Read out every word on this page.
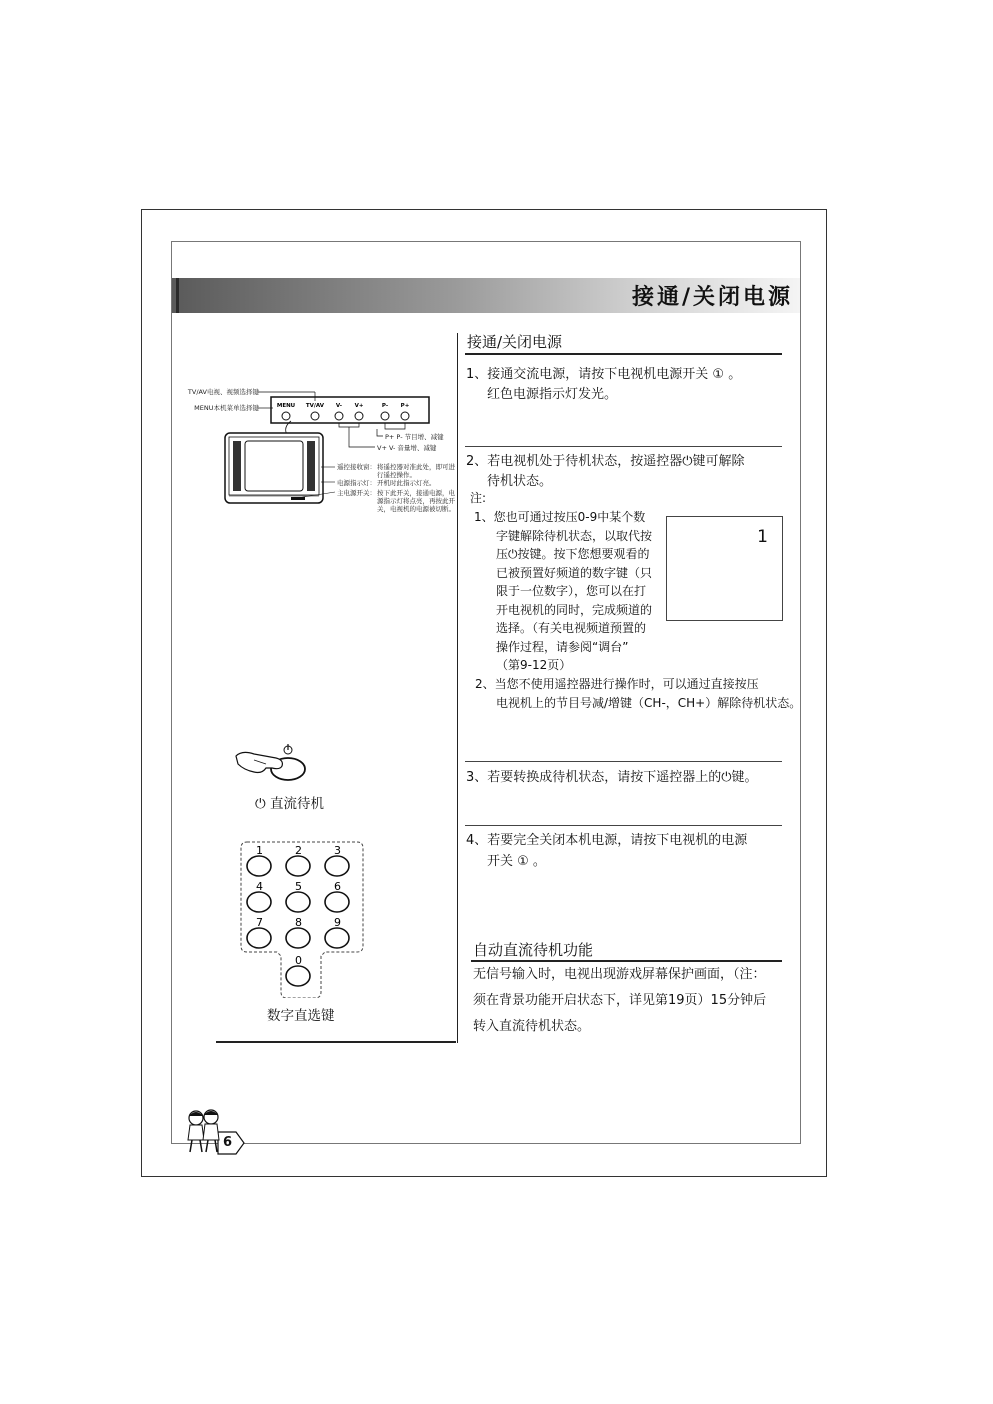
接通/关闭电源
MENU TV/AV V- V+	P- P+
TV/AV电视、视频选择键
MENU本机菜单选择键
P+ P- 节目增、减键
V+ V- 音量增、减键
遥控接收窗： 将遥控器对准此处，即可进行遥控操作。
电源指示灯： 开机时此指示灯亮。
主电源开关： 按下此开关，接通电源，电源指示灯将点亮，再按此开关，电视机的电源被切断。
⏻ 直流待机
1	2	3
4	5	6
7	8	9
0
数字直选键
接通/关闭电源
1、接通交流电源，请按下电视机电源开关 ① 。
红色电源指示灯发光。
2、若电视机处于待机状态，按遥控器⏻键可解除
待机状态。
注:
1、您也可通过按压0-9中某个数
字键解除待机状态，以取代按
压⏻按键。按下您想要观看的
已被预置好频道的数字键（只
限于一位数字），您可以在打
开电视机的同时，完成频道的
选择。（有关电视频道预置的
操作过程，请参阅“调台”
（第9-12页）
1
2、当您不使用遥控器进行操作时，可以通过直接按压
电视机上的节目号减/增键（CH-，CH+）解除待机状态。
3、若要转换成待机状态，请按下遥控器上的⏻键。
4、若要完全关闭本机电源，请按下电视机的电源
开关 ① 。
自动直流待机功能
无信号输入时，电视出现游戏屏幕保护画面，（注：
须在背景功能开启状态下，详见第19页）15分钟后
转入直流待机状态。
6
